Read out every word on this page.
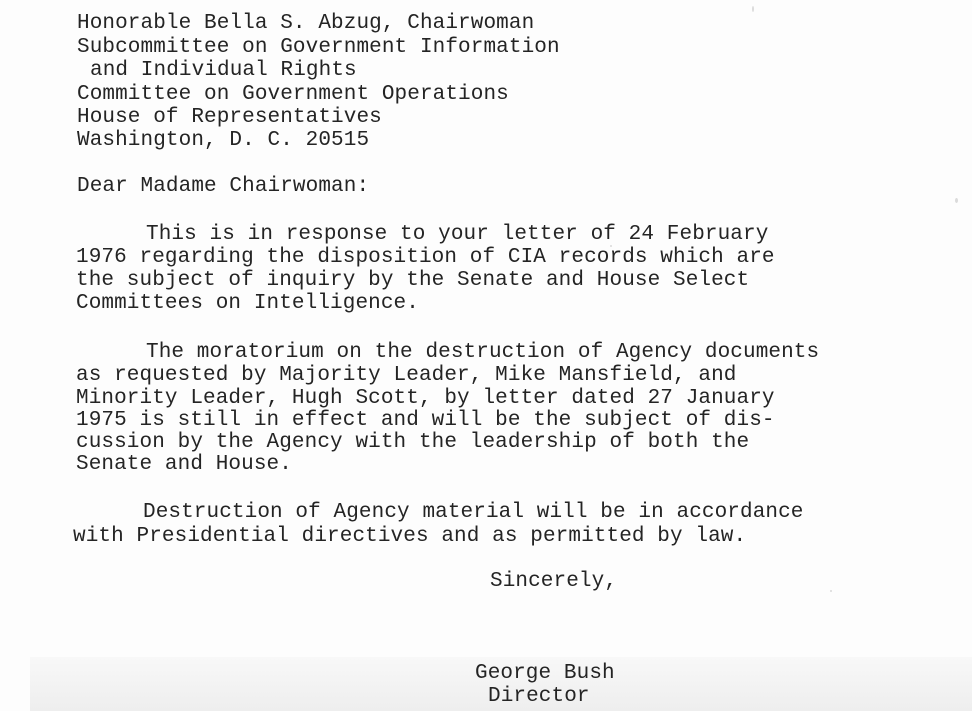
Honorable Bella S. Abzug, Chairwoman

Subcommittee on Government Information

and Individual Rights

Committee on Government Operations

House of Representatives

Washington, D. C. 20515

Dear Madame Chairwoman:

This is in response to your letter of 24 February

1976 regarding the disposition of CIA records which are

the subject of inquiry by the Senate and House Select

Committees on Intelligence.

The moratorium on the destruction of Agency documents

as requested by Majority Leader, Mike Mansfield, and

Minority Leader, Hugh Scott, by letter dated 27 January

1975 is still in effect and will be the subject of dis-

cussion by the Agency with the leadership of both the

Senate and House.

Destruction of Agency material will be in accordance

with Presidential directives and as permitted by law.

Sincerely,

George Bush

Director
